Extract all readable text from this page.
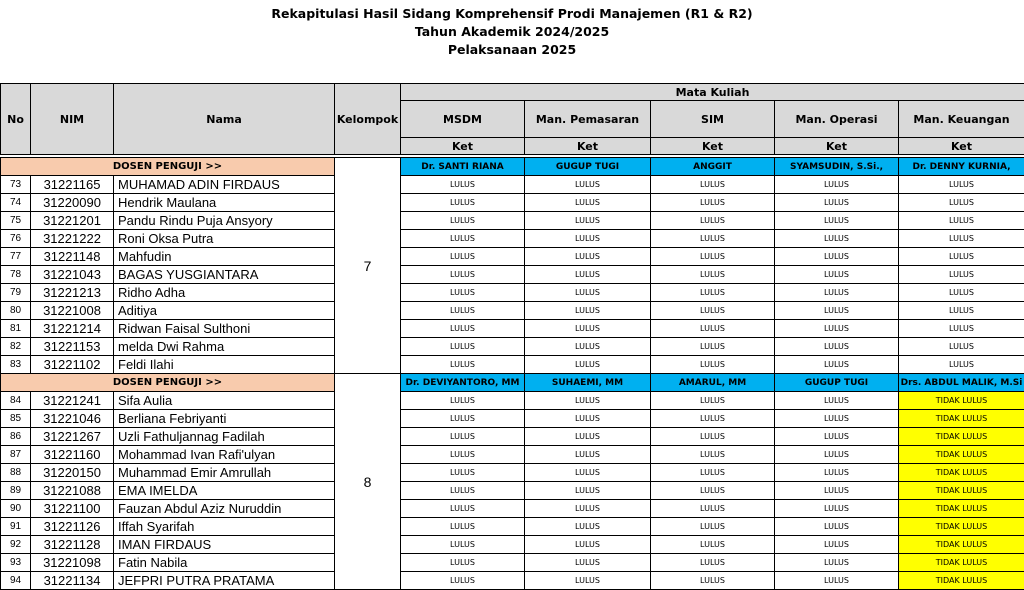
Rekapitulasi Hasil Sidang Komprehensif Prodi Manajemen (R1 & R2)
Tahun Akademik 2024/2025
Pelaksanaan 2025
No	NIM	Nama	Kelompok	Mata Kuliah				
				MSDM	Man. Pemasaran	SIM	Man. Operasi	Man. Keuangan
				Ket	Ket	Ket	Ket	Ket

DOSEN PENGUJI >>			7	Dr. SANTI RIANA	GUGUP TUGI	ANGGIT	SYAMSUDIN, S.Si.,	Dr. DENNY KURNIA,
73	31221165	MUHAMAD ADIN FIRDAUS		LULUS	LULUS	LULUS	LULUS	LULUS
74	31220090	Hendrik Maulana		LULUS	LULUS	LULUS	LULUS	LULUS
75	31221201	Pandu Rindu Puja Ansyory		LULUS	LULUS	LULUS	LULUS	LULUS
76	31221222	Roni Oksa Putra		LULUS	LULUS	LULUS	LULUS	LULUS
77	31221148	Mahfudin		LULUS	LULUS	LULUS	LULUS	LULUS
78	31221043	BAGAS YUSGIANTARA		LULUS	LULUS	LULUS	LULUS	LULUS
79	31221213	Ridho Adha		LULUS	LULUS	LULUS	LULUS	LULUS
80	31221008	Aditiya		LULUS	LULUS	LULUS	LULUS	LULUS
81	31221214	Ridwan Faisal Sulthoni		LULUS	LULUS	LULUS	LULUS	LULUS
82	31221153	melda Dwi Rahma		LULUS	LULUS	LULUS	LULUS	LULUS
83	31221102	Feldi Ilahi		LULUS	LULUS	LULUS	LULUS	LULUS
DOSEN PENGUJI >>			8	Dr. DEVIYANTORO, MM	SUHAEMI, MM	AMARUL, MM	GUGUP TUGI	Drs. ABDUL MALIK, M.Si
84	31221241	Sifa Aulia		LULUS	LULUS	LULUS	LULUS	TIDAK LULUS
85	31221046	Berliana Febriyanti		LULUS	LULUS	LULUS	LULUS	TIDAK LULUS
86	31221267	Uzli Fathuljannag Fadilah		LULUS	LULUS	LULUS	LULUS	TIDAK LULUS
87	31221160	Mohammad Ivan Rafi'ulyan		LULUS	LULUS	LULUS	LULUS	TIDAK LULUS
88	31220150	Muhammad Emir Amrullah		LULUS	LULUS	LULUS	LULUS	TIDAK LULUS
89	31221088	EMA IMELDA		LULUS	LULUS	LULUS	LULUS	TIDAK LULUS
90	31221100	Fauzan Abdul Aziz Nuruddin		LULUS	LULUS	LULUS	LULUS	TIDAK LULUS
91	31221126	Iffah Syarifah		LULUS	LULUS	LULUS	LULUS	TIDAK LULUS
92	31221128	IMAN FIRDAUS		LULUS	LULUS	LULUS	LULUS	TIDAK LULUS
93	31221098	Fatin Nabila		LULUS	LULUS	LULUS	LULUS	TIDAK LULUS
94	31221134	JEFPRI PUTRA PRATAMA		LULUS	LULUS	LULUS	LULUS	TIDAK LULUS
